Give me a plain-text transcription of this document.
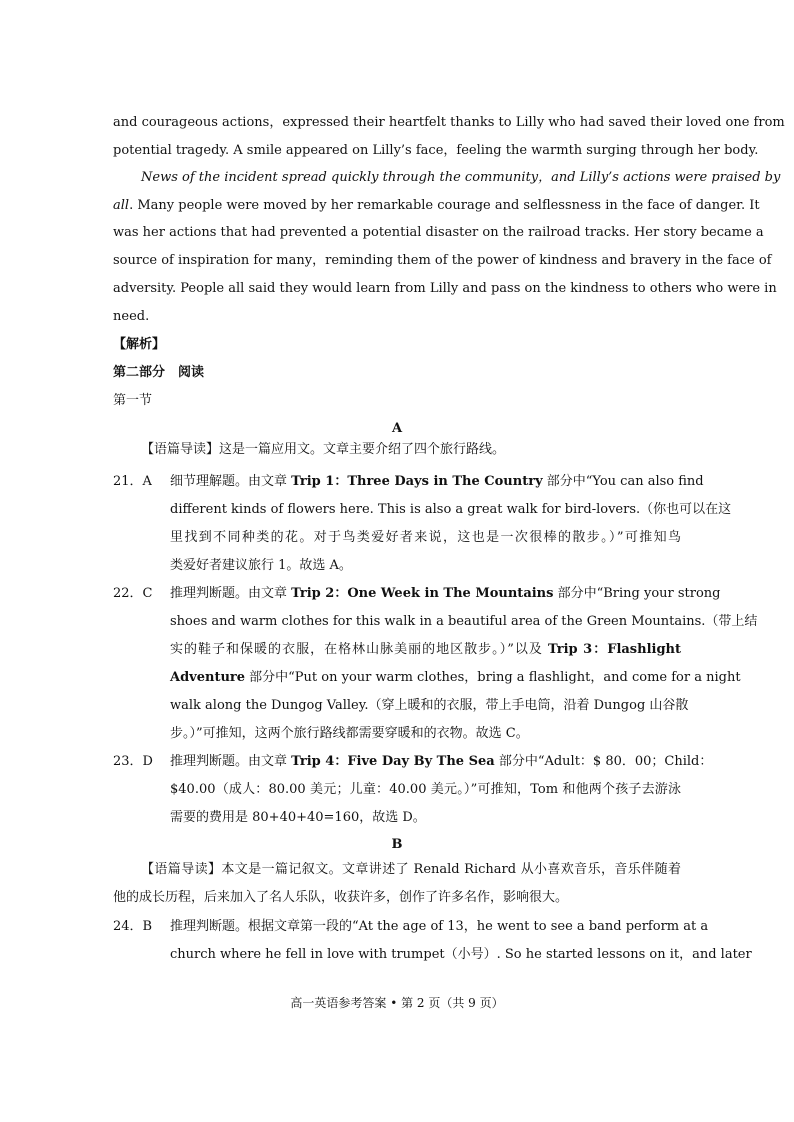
and courageous actions，expressed their heartfelt thanks to Lilly who had saved their loved one from
potential tragedy. A smile appeared on Lilly’s face，feeling the warmth surging through her body.
News of the incident spread quickly through the community，and Lilly’s actions were praised by
all. Many people were moved by her remarkable courage and selflessness in the face of danger. It
was her actions that had prevented a potential disaster on the railroad tracks. Her story became a
source of inspiration for many，reminding them of the power of kindness and bravery in the face of
adversity. People all said they would learn from Lilly and pass on the kindness to others who were in
need.
【解析】
第二部分　阅读
第一节
A
【语篇导读】这是一篇应用文。文章主要介绍了四个旅行路线。
21．A 细节理解题。由文章 Trip 1：Three Days in The Country 部分中“You can also find
different kinds of flowers here. This is also a great walk for bird-lovers.（你也可以在这
里找到不同种类的花。对于鸟类爱好者来说，这也是一次很棒的散步。）”可推知鸟
类爱好者建议旅行 1。故选 A。
22．C 推理判断题。由文章 Trip 2：One Week in The Mountains 部分中“Bring your strong
shoes and warm clothes for this walk in a beautiful area of the Green Mountains.（带上结
实的鞋子和保暖的衣服，在格林山脉美丽的地区散步。）”以及 Trip 3：Flashlight
Adventure 部分中“Put on your warm clothes，bring a flashlight，and come for a night
walk along the Dungog Valley.（穿上暖和的衣服，带上手电筒，沿着 Dungog 山谷散
步。）”可推知，这两个旅行路线都需要穿暖和的衣物。故选 C。
23．D 推理判断题。由文章 Trip 4：Five Day By The Sea 部分中“Adult：$ 80．00；Child：
$40.00（成人：80.00 美元；儿童：40.00 美元。）”可推知，Tom 和他两个孩子去游泳
需要的费用是 80+40+40=160，故选 D。
B
【语篇导读】本文是一篇记叙文。文章讲述了 Renald Richard 从小喜欢音乐，音乐伴随着
他的成长历程，后来加入了名人乐队，收获许多，创作了许多名作，影响很大。
24．B 推理判断题。根据文章第一段的“At the age of 13，he went to see a band perform at a
church where he fell in love with trumpet（小号）. So he started lessons on it，and later
高一英语参考答案 • 第 2 页（共 9 页）
